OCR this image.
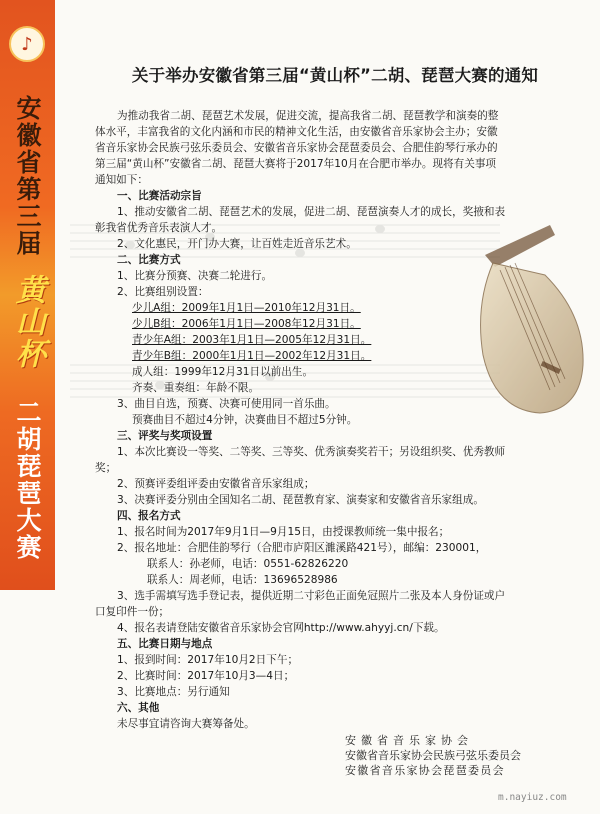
♪
安徽省第三届
黄山杯
二胡琵琶大赛
关于举办安徽省第三届“黄山杯”二胡、琵琶大赛的通知

为推动我省二胡、琵琶艺术发展，促进交流，提高我省二胡、琵琶教学和演奏的整

体水平，丰富我省的文化内涵和市民的精神文化生活，由安徽省音乐家协会主办；安徽

省音乐家协会民族弓弦乐委员会、安徽省音乐家协会琵琶委员会、合肥佳韵琴行承办的

第三届“黄山杯”安徽省二胡、琵琶大赛将于2017年10月在合肥市举办。现将有关事项

通知如下：

一、比赛活动宗旨

1、推动安徽省二胡、琵琶艺术的发展，促进二胡、琵琶演奏人才的成长，奖掖和表

彰我省优秀音乐表演人才。

2、文化惠民，开门办大赛，让百姓走近音乐艺术。

二、比赛方式

1、比赛分预赛、决赛二轮进行。

2、比赛组别设置：

少儿A组：2009年1月1日—2010年12月31日。

少儿B组：2006年1月1日—2008年12月31日。

青少年A组：2003年1月1日—2005年12月31日。

青少年B组：2000年1月1日—2002年12月31日。

成人组：1999年12月31日以前出生。

齐奏、重奏组：年龄不限。

3、曲目自选，预赛、决赛可使用同一首乐曲。

预赛曲目不超过4分钟，决赛曲目不超过5分钟。

三、评奖与奖项设置

1、本次比赛设一等奖、二等奖、三等奖、优秀演奏奖若干；另设组织奖、优秀教师

奖；

2、预赛评委组评委由安徽省音乐家组成；

3、决赛评委分别由全国知名二胡、琵琶教育家、演奏家和安徽省音乐家组成。

四、报名方式

1、报名时间为2017年9月1日—9月15日，由授课教师统一集中报名；

2、报名地址：合肥佳韵琴行（合肥市庐阳区濉溪路421号），邮编：230001，

联系人：孙老师，电话：0551-62826220

联系人：周老师，电话：13696528986

3、选手需填写选手登记表，提供近期二寸彩色正面免冠照片二张及本人身份证或户

口复印件一份；

4、报名表请登陆安徽省音乐家协会官网http://www.ahyyj.cn/下载。

五、比赛日期与地点

1、报到时间：2017年10月2日下午；

2、比赛时间：2017年10月3—4日；

3、比赛地点：另行通知

六、其他

未尽事宜请咨询大赛筹备处。

安徽省音乐家协会

安徽省音乐家协会民族弓弦乐委员会

安徽省音乐家协会琵琶委员会

m.nayiuz.com
